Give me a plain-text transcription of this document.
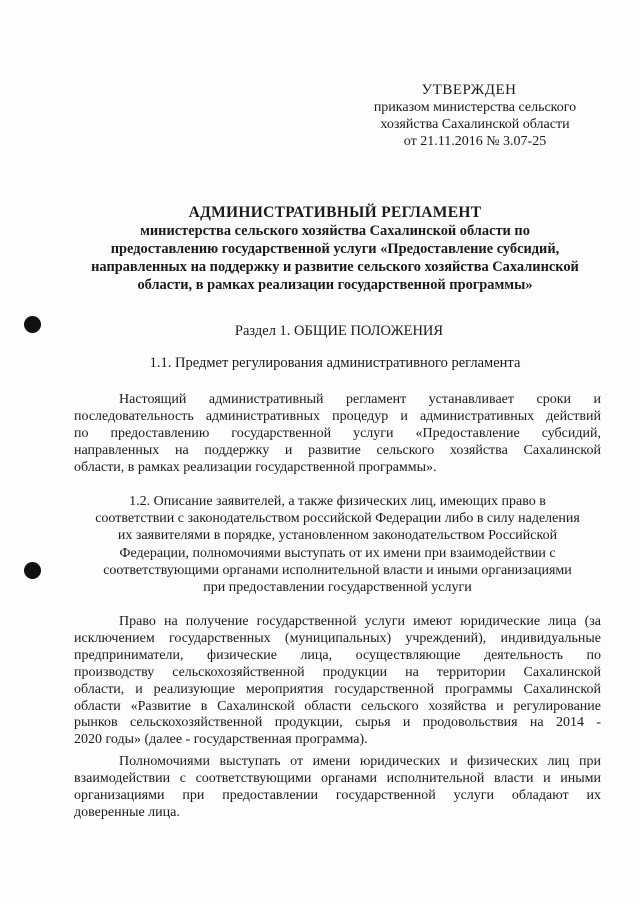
УТВЕРЖДЕН
приказом министерства сельского
хозяйства Сахалинской области
от 21.11.2016 № 3.07-25
АДМИНИСТРАТИВНЫЙ РЕГЛАМЕНТ
министерства сельского хозяйства Сахалинской области по
предоставлению государственной услуги «Предоставление субсидий,
направленных на поддержку и развитие сельского хозяйства Сахалинской
области, в рамках реализации государственной программы»
Раздел 1. ОБЩИЕ ПОЛОЖЕНИЯ
1.1. Предмет регулирования административного регламента
Настоящий административный регламент устанавливает сроки и
последовательность административных процедур и административных действий
по предоставлению государственной услуги «Предоставление субсидий,
направленных на поддержку и развитие сельского хозяйства Сахалинской
области, в рамках реализации государственной программы».
1.2. Описание заявителей, а также физических лиц, имеющих право в
соответствии с законодательством российской Федерации либо в силу наделения
их заявителями в порядке, установленном законодательством Российской
Федерации, полномочиями выступать от их имени при взаимодействии с
соответствующими органами исполнительной власти и иными организациями
при предоставлении государственной услуги
Право на получение государственной услуги имеют юридические лица (за
исключением государственных (муниципальных) учреждений), индивидуальные
предприниматели, физические лица, осуществляющие деятельность по
производству сельскохозяйственной продукции на территории Сахалинской
области, и реализующие мероприятия государственной программы Сахалинской
области «Развитие в Сахалинской области сельского хозяйства и регулирование
рынков сельскохозяйственной продукции, сырья и продовольствия на 2014 -
2020 годы» (далее - государственная программа).
Полномочиями выступать от имени юридических и физических лиц при
взаимодействии с соответствующими органами исполнительной власти и иными
организациями при предоставлении государственной услуги обладают их
доверенные лица.
